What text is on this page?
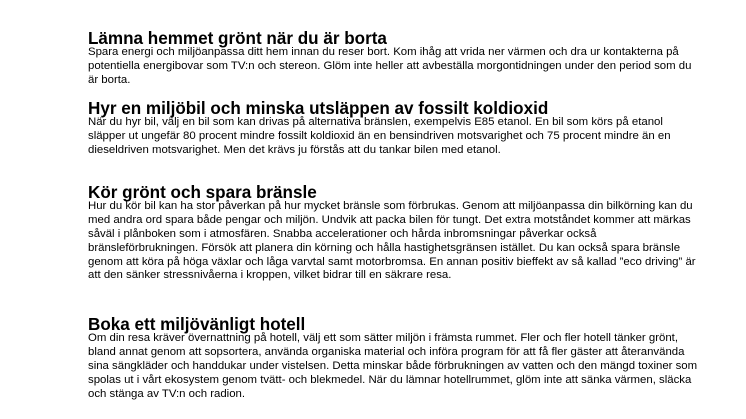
Lämna hemmet grönt när du är borta

Spara energi och miljöanpassa ditt hem innan du reser bort. Kom ihåg att vrida ner värmen och dra ur kontakterna på potentiella energibovar som TV:n och stereon. Glöm inte heller att avbeställa morgontidningen under den period som du är borta.

Hyr en miljöbil och minska utsläppen av fossilt koldioxid

När du hyr bil, välj en bil som kan drivas på alternativa bränslen, exempelvis E85 etanol. En bil som körs på etanol släpper ut ungefär 80 procent mindre fossilt koldioxid än en bensindriven motsvarighet och 75 procent mindre än en dieseldriven motsvarighet. Men det krävs ju förstås att du tankar bilen med etanol.

Kör grönt och spara bränsle

Hur du kör bil kan ha stor påverkan på hur mycket bränsle som förbrukas. Genom att miljöanpassa din bilkörning kan du med andra ord spara både pengar och miljön. Undvik att packa bilen för tungt. Det extra motståndet kommer att märkas såväl i plånboken som i atmosfären. Snabba accelerationer och hårda inbromsningar påverkar också bränsleförbrukningen. Försök att planera din körning och hålla hastighetsgränsen istället. Du kan också spara bränsle genom att köra på höga växlar och låga varvtal samt motorbromsa. En annan positiv bieffekt av så kallad ”eco driving” är att den sänker stressnivåerna i kroppen, vilket bidrar till en säkrare resa.

Boka ett miljövänligt hotell

Om din resa kräver övernattning på hotell, välj ett som sätter miljön i främsta rummet. Fler och fler hotell tänker grönt, bland annat genom att sopsortera, använda organiska material och införa program för att få fler gäster att återanvända sina sängkläder och handdukar under vistelsen. Detta minskar både förbrukningen av vatten och den mängd toxiner som spolas ut i vårt ekosystem genom tvätt- och blekmedel. När du lämnar hotellrummet, glöm inte att sänka värmen, släcka och stänga av TV:n och radion.
